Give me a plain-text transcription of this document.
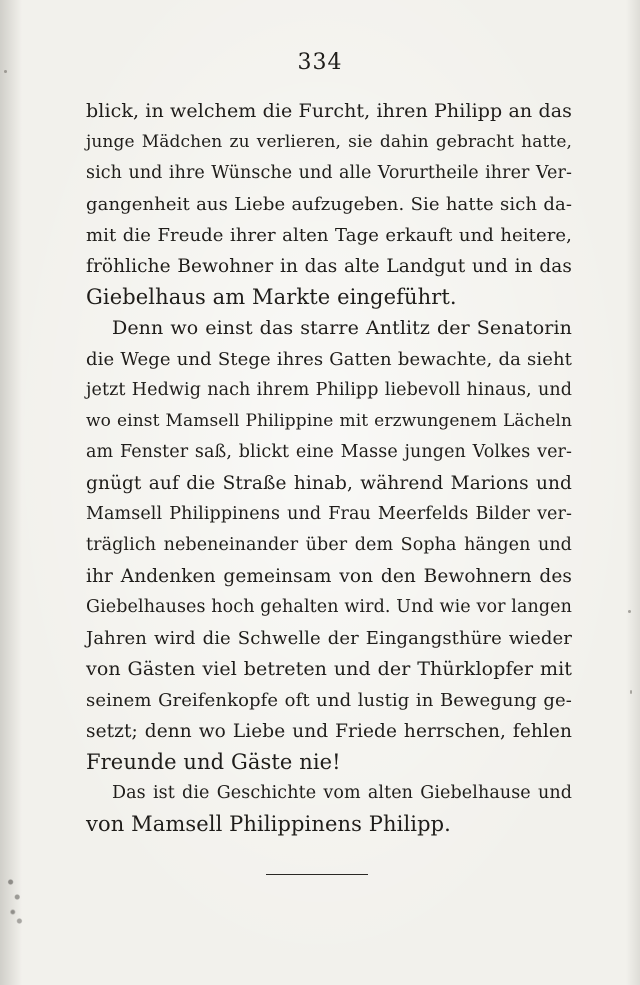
334
blick, in welchem die Furcht, ihren Philipp an das
junge Mädchen zu verlieren, sie dahin gebracht hatte,
sich und ihre Wünsche und alle Vorurtheile ihrer Ver-
gangenheit aus Liebe aufzugeben. Sie hatte sich da-
mit die Freude ihrer alten Tage erkauft und heitere,
fröhliche Bewohner in das alte Landgut und in das
Giebelhaus am Markte eingeführt.
Denn wo einst das starre Antlitz der Senatorin
die Wege und Stege ihres Gatten bewachte, da sieht
jetzt Hedwig nach ihrem Philipp liebevoll hinaus, und
wo einst Mamsell Philippine mit erzwungenem Lächeln
am Fenster saß, blickt eine Masse jungen Volkes ver-
gnügt auf die Straße hinab, während Marions und
Mamsell Philippinens und Frau Meerfelds Bilder ver-
träglich nebeneinander über dem Sopha hängen und
ihr Andenken gemeinsam von den Bewohnern des
Giebelhauses hoch gehalten wird. Und wie vor langen
Jahren wird die Schwelle der Eingangsthüre wieder
von Gästen viel betreten und der Thürklopfer mit
seinem Greifenkopfe oft und lustig in Bewegung ge-
setzt; denn wo Liebe und Friede herrschen, fehlen
Freunde und Gäste nie!
Das ist die Geschichte vom alten Giebelhause und
von Mamsell Philippinens Philipp.
